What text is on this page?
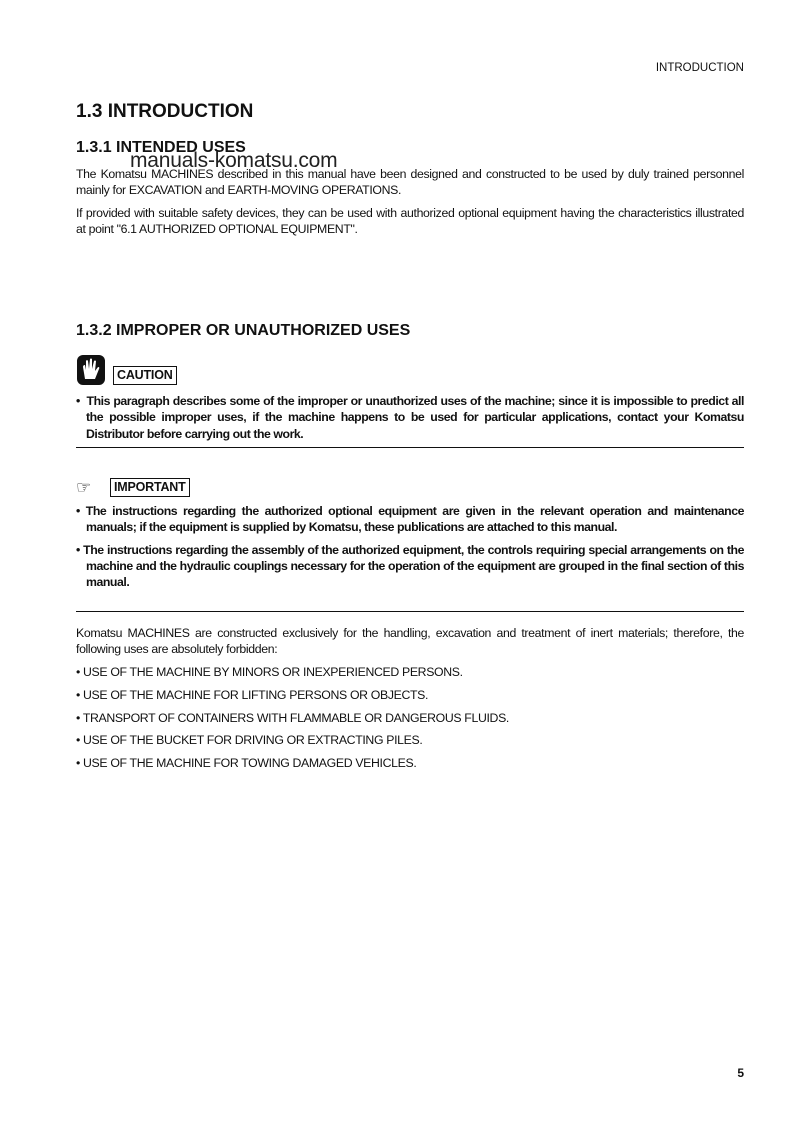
INTRODUCTION
1.3 INTRODUCTION
1.3.1 INTENDED USES
manuals-komatsu.com

The Komatsu MACHINES described in this manual have been designed and constructed to be used by duly trained personnel mainly for EXCAVATION and EARTH-MOVING OPERATIONS.

If provided with suitable safety devices, they can be used with authorized optional equipment having the characteristics illustrated at point "6.1 AUTHORIZED OPTIONAL EQUIPMENT".

1.3.2 IMPROPER OR UNAUTHORIZED USES
CAUTION

•  This paragraph describes some of the improper or unauthorized uses of the machine; since it is impossible to predict all the possible improper uses, if the machine happens to be used for particular applications, contact your Komatsu Distributor before carrying out the work.

☞	IMPORTANT

• The instructions regarding the authorized optional equipment are given in the relevant operation and maintenance manuals; if the equipment is supplied by Komatsu, these publications are attached to this manual.

• The instructions regarding the assembly of the authorized equipment, the controls requiring special arrangements on the machine and the hydraulic couplings necessary for the operation of the equipment are grouped in the final section of this manual.

Komatsu MACHINES are constructed exclusively for the handling, excavation and treatment of inert materials; therefore, the following uses are absolutely forbidden:

• USE OF THE MACHINE BY MINORS OR INEXPERIENCED PERSONS.

• USE OF THE MACHINE FOR LIFTING PERSONS OR OBJECTS.

• TRANSPORT OF CONTAINERS WITH FLAMMABLE OR DANGEROUS FLUIDS.

• USE OF THE BUCKET FOR DRIVING OR EXTRACTING PILES.

• USE OF THE MACHINE FOR TOWING DAMAGED VEHICLES.

5
